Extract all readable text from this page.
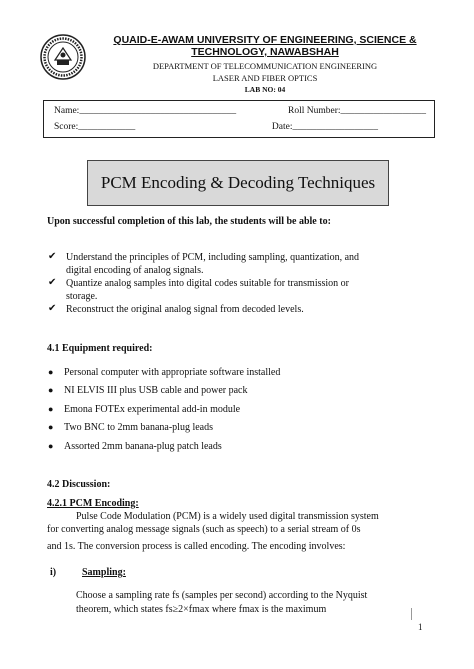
QUAID-E-AWAM UNIVERSITY OF ENGINEERING, SCIENCE &
TECHNOLOGY, NAWABSHAH
DEPARTMENT OF TELECOMMUNICATION ENGINEERING
LASER AND FIBER OPTICS
LAB NO: 04
Name:_________________________________	Roll Number:__________________
Score:____________	Date:__________________
PCM Encoding & Decoding Techniques
Upon successful completion of this lab, the students will be able to:
✔ Understand the principles of PCM, including sampling, quantization, and
digital encoding of analog signals.
✔ Quantize analog samples into digital codes suitable for transmission or
storage.
✔ Reconstruct the original analog signal from decoded levels.
4.1 Equipment required:
●	Personal computer with appropriate software installed
●	NI ELVIS III plus USB cable and power pack
●	Emona FOTEx experimental add-in module
●	Two BNC to 2mm banana-plug leads
●	Assorted 2mm banana-plug patch leads
4.2 Discussion:
4.2.1 PCM Encoding:
Pulse Code Modulation (PCM) is a widely used digital transmission system
for converting analog message signals (such as speech) to a serial stream of 0s
and 1s. The conversion process is called encoding. The encoding involves:
i)	Sampling:
Choose a sampling rate fs (samples per second) according to the Nyquist
theorem, which states fs≥2×fmax where fmax is the maximum
1
